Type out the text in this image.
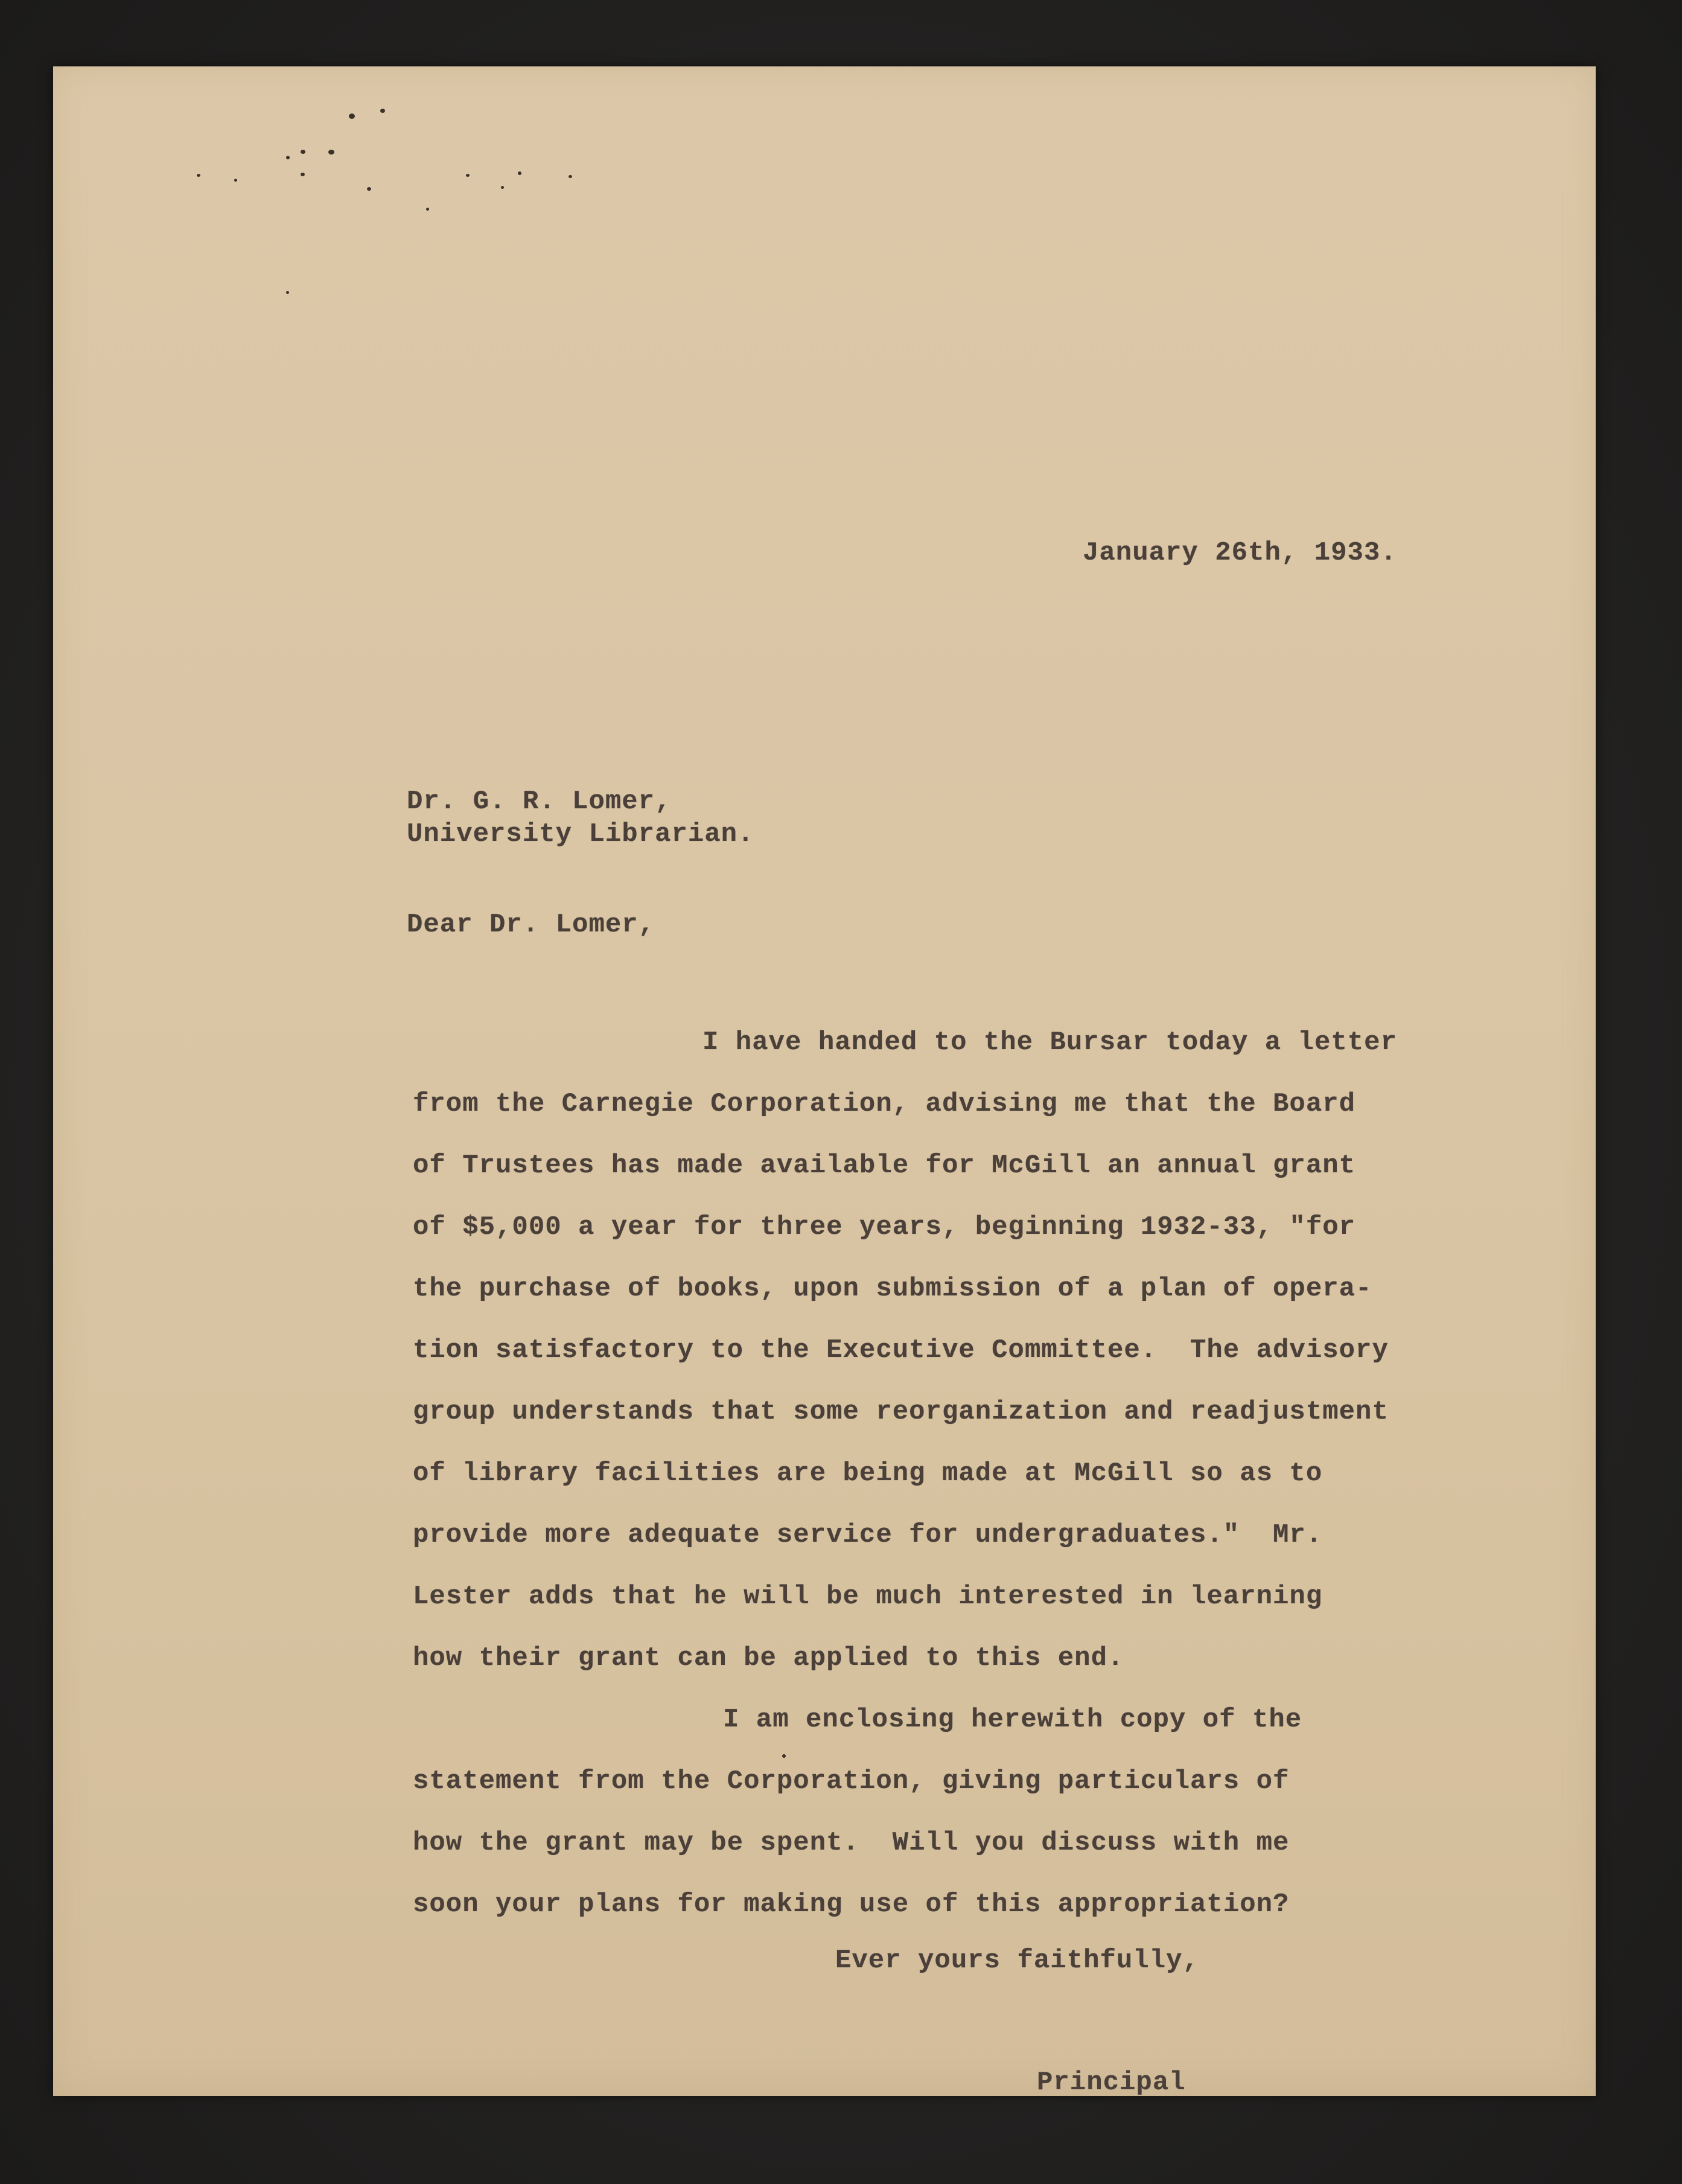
January 26th, 1933.
Dr. G. R. Lomer,
University Librarian.
Dear Dr. Lomer,
I have handed to the Bursar today a letter
from the Carnegie Corporation, advising me that the Board
of Trustees has made available for McGill an annual grant
of $5,000 a year for three years, beginning 1932-33, "for
the purchase of books, upon submission of a plan of opera-
tion satisfactory to the Executive Committee.  The advisory
group understands that some reorganization and readjustment
of library facilities are being made at McGill so as to
provide more adequate service for undergraduates."  Mr.
Lester adds that he will be much interested in learning
how their grant can be applied to this end.
I am enclosing herewith copy of the
statement from the Corporation, giving particulars of
how the grant may be spent.  Will you discuss with me
soon your plans for making use of this appropriation?
Ever yours faithfully,
Principal
